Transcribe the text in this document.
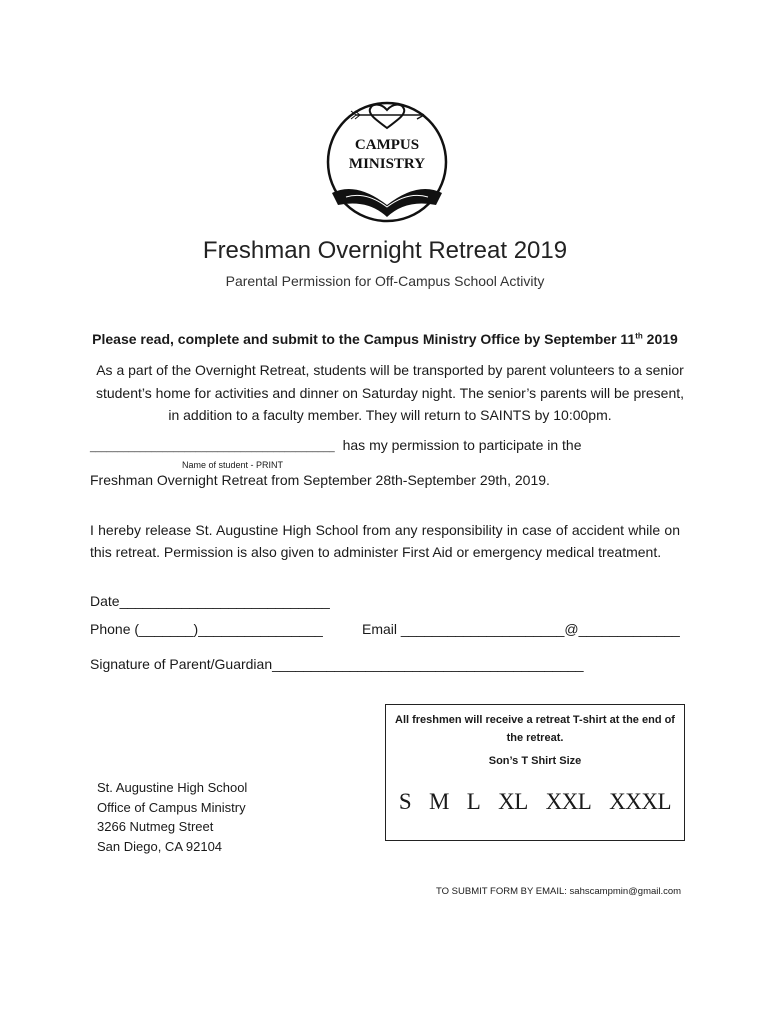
CAMPUS
MINISTRY
Freshman Overnight Retreat 2019
Parental Permission for Off-Campus School Activity
Please read, complete and submit to the Campus Ministry Office by September 11th 2019
As a part of the Overnight Retreat, students will be transported by parent volunteers to a senior student’s home for activities and dinner on Saturday night. The senior’s parents will be present, in addition to a faculty member. They will return to SAINTS by 10:00pm.
____________________________________________ has my permission to participate in the
Name of student - PRINT
Freshman Overnight Retreat from September 28th-September 29th, 2019.
I hereby release St. Augustine High School from any responsibility in case of accident while on this retreat. Permission is also given to administer First Aid or emergency medical treatment.
Date___________________________
Phone (_______)________________	Email _____________________@_____________
Signature of Parent/Guardian________________________________________
All freshmen will receive a retreat T-shirt at the end of the retreat.
Son’s T Shirt Size
S M L XL XXL XXXL
St. Augustine High School
Office of Campus Ministry
3266 Nutmeg Street
San Diego, CA 92104
TO SUBMIT FORM BY EMAIL: sahscampmin@gmail.com
